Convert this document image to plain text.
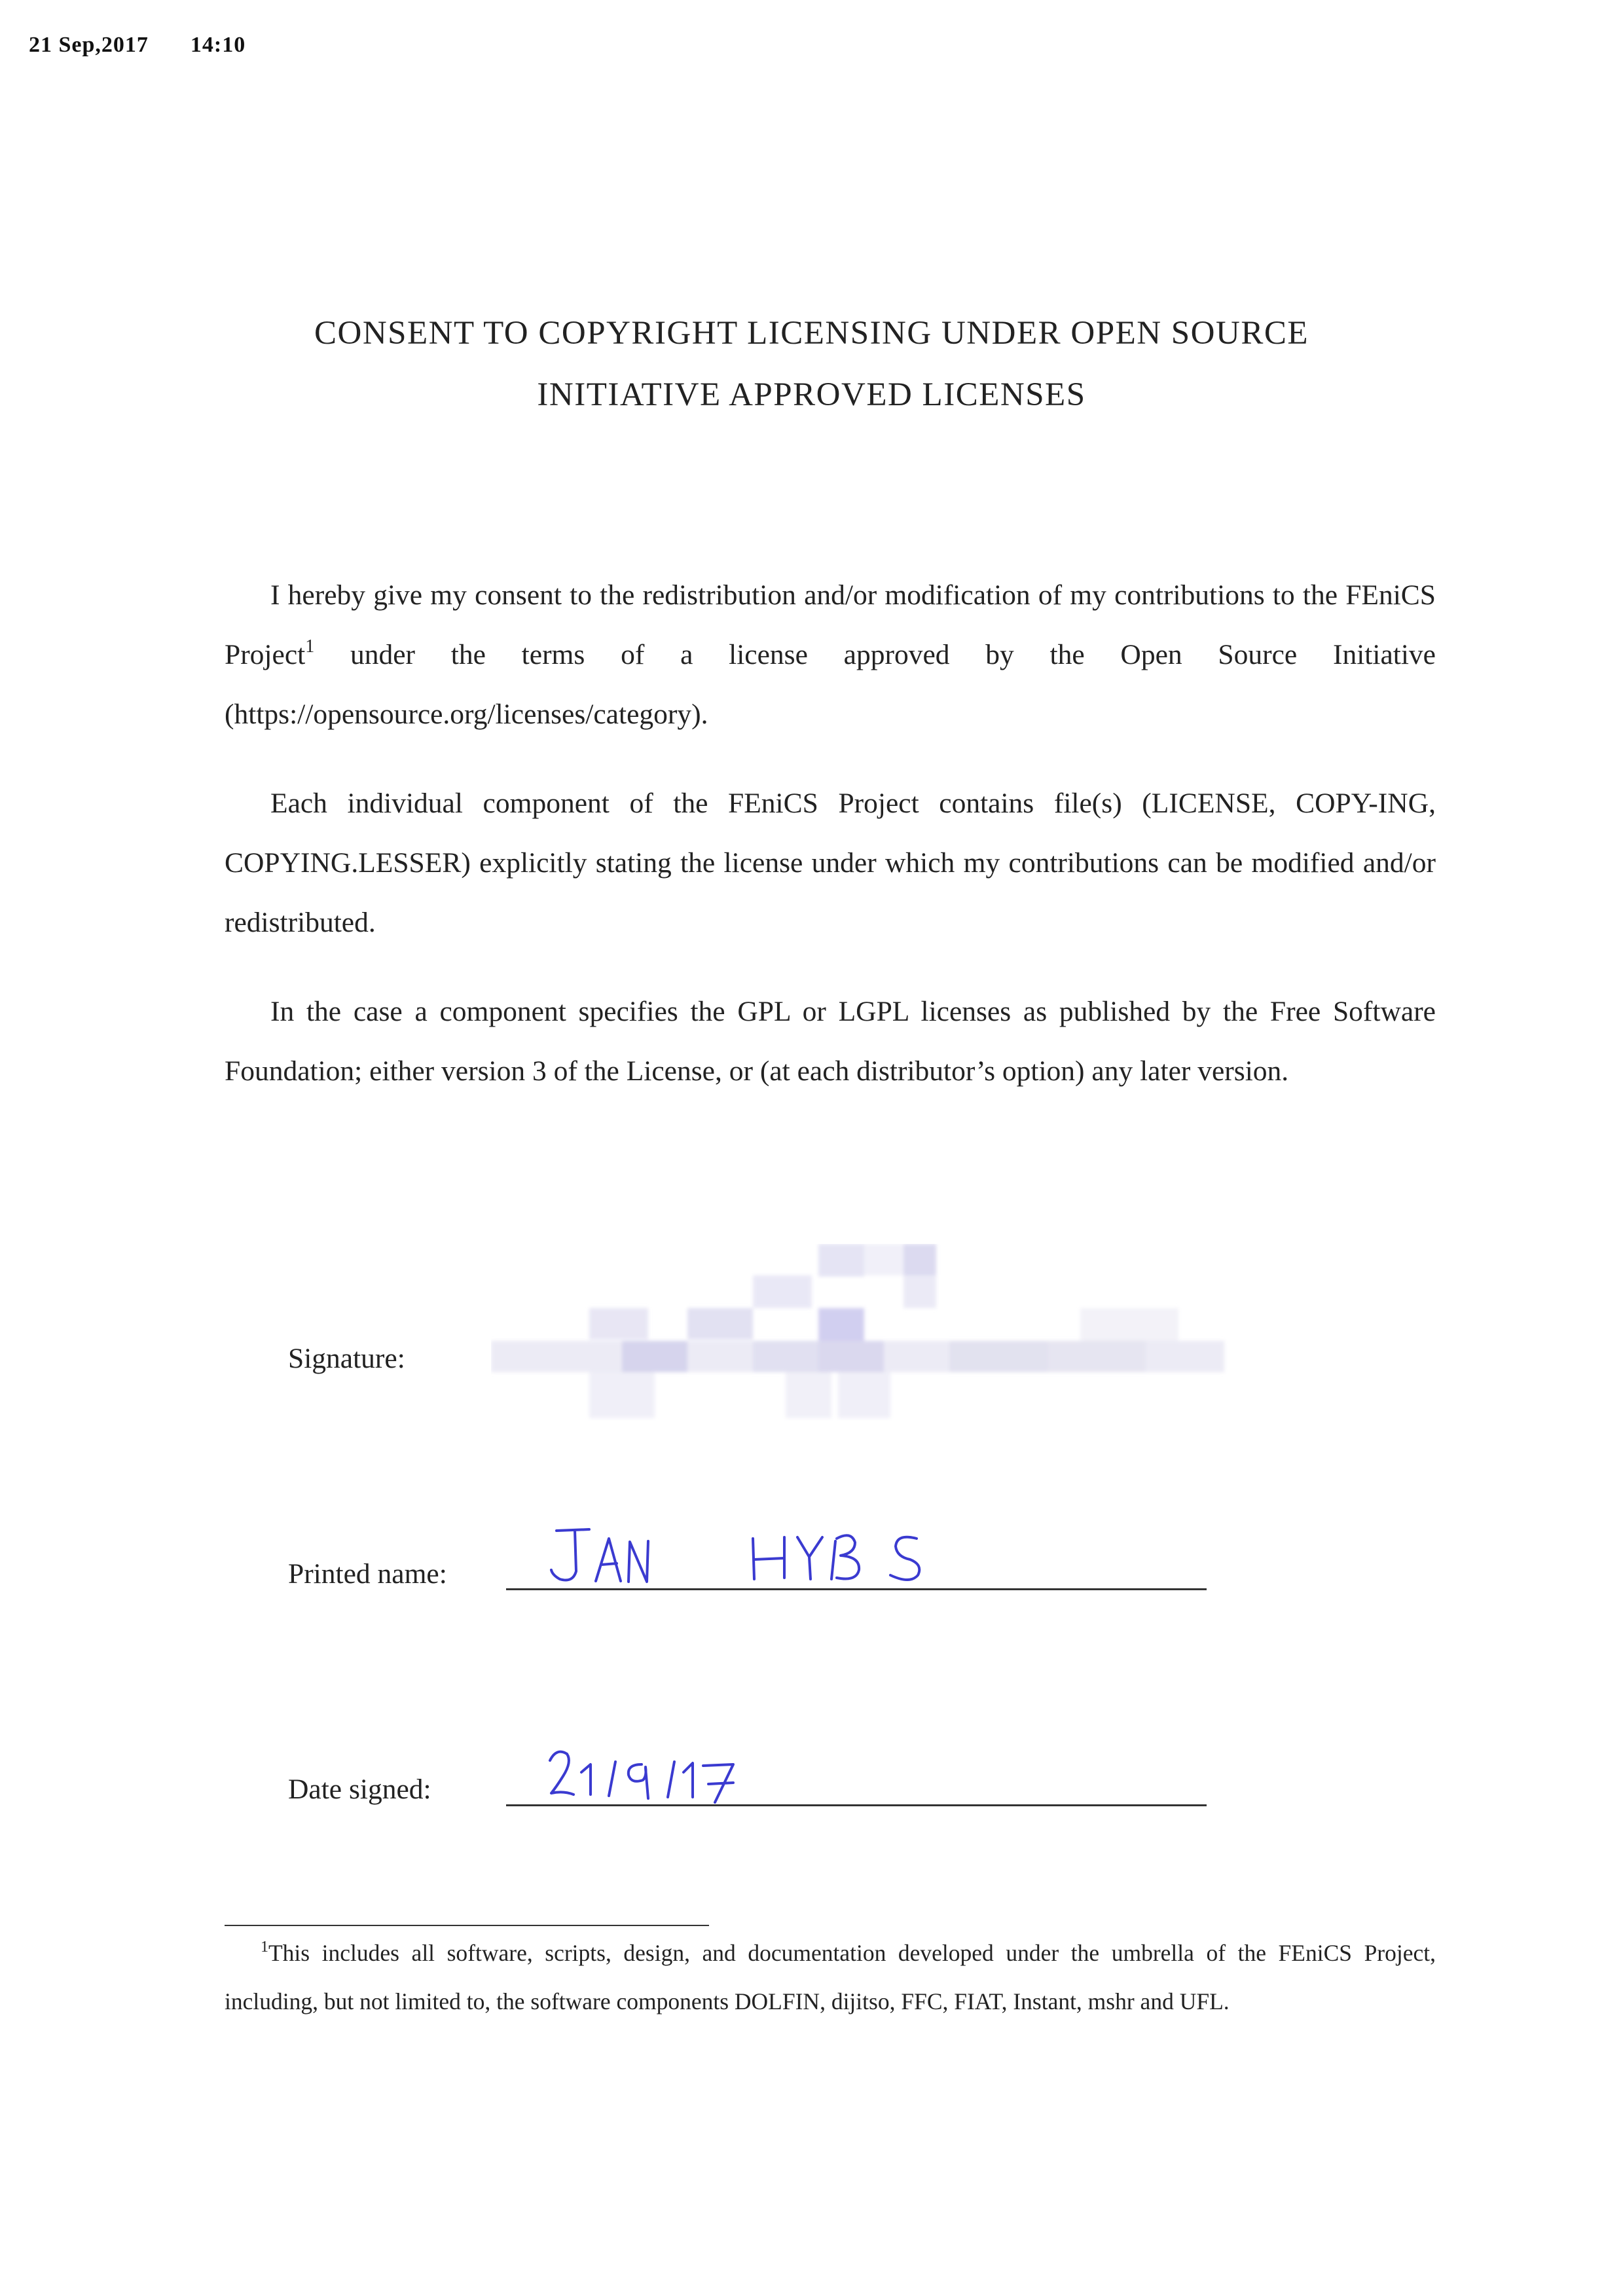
21 Sep,2017 14:10
CONSENT TO COPYRIGHT LICENSING UNDER OPEN SOURCE
INITIATIVE APPROVED LICENSES
I hereby give my consent to the redistribution and/or modification of my contributions to the FEniCS Project$^1$ under the terms of a license approved by the Open Source Initiative (https://opensource.org/licenses/category).
Each individual component of the FEniCS Project contains file(s) (LICENSE, COPY-ING, COPYING.LESSER) explicitly stating the license under which my contributions can be modified and/or redistributed.
In the case a component specifies the GPL or LGPL licenses as published by the Free Software Foundation; either version 3 of the License, or (at each distributor’s option) any later version.
Signature:
Printed name:
Date signed:
$^1$This includes all software, scripts, design, and documentation developed under the umbrella of the FEniCS Project, including, but not limited to, the software components DOLFIN, dijitso, FFC, FIAT, Instant, mshr and UFL.
